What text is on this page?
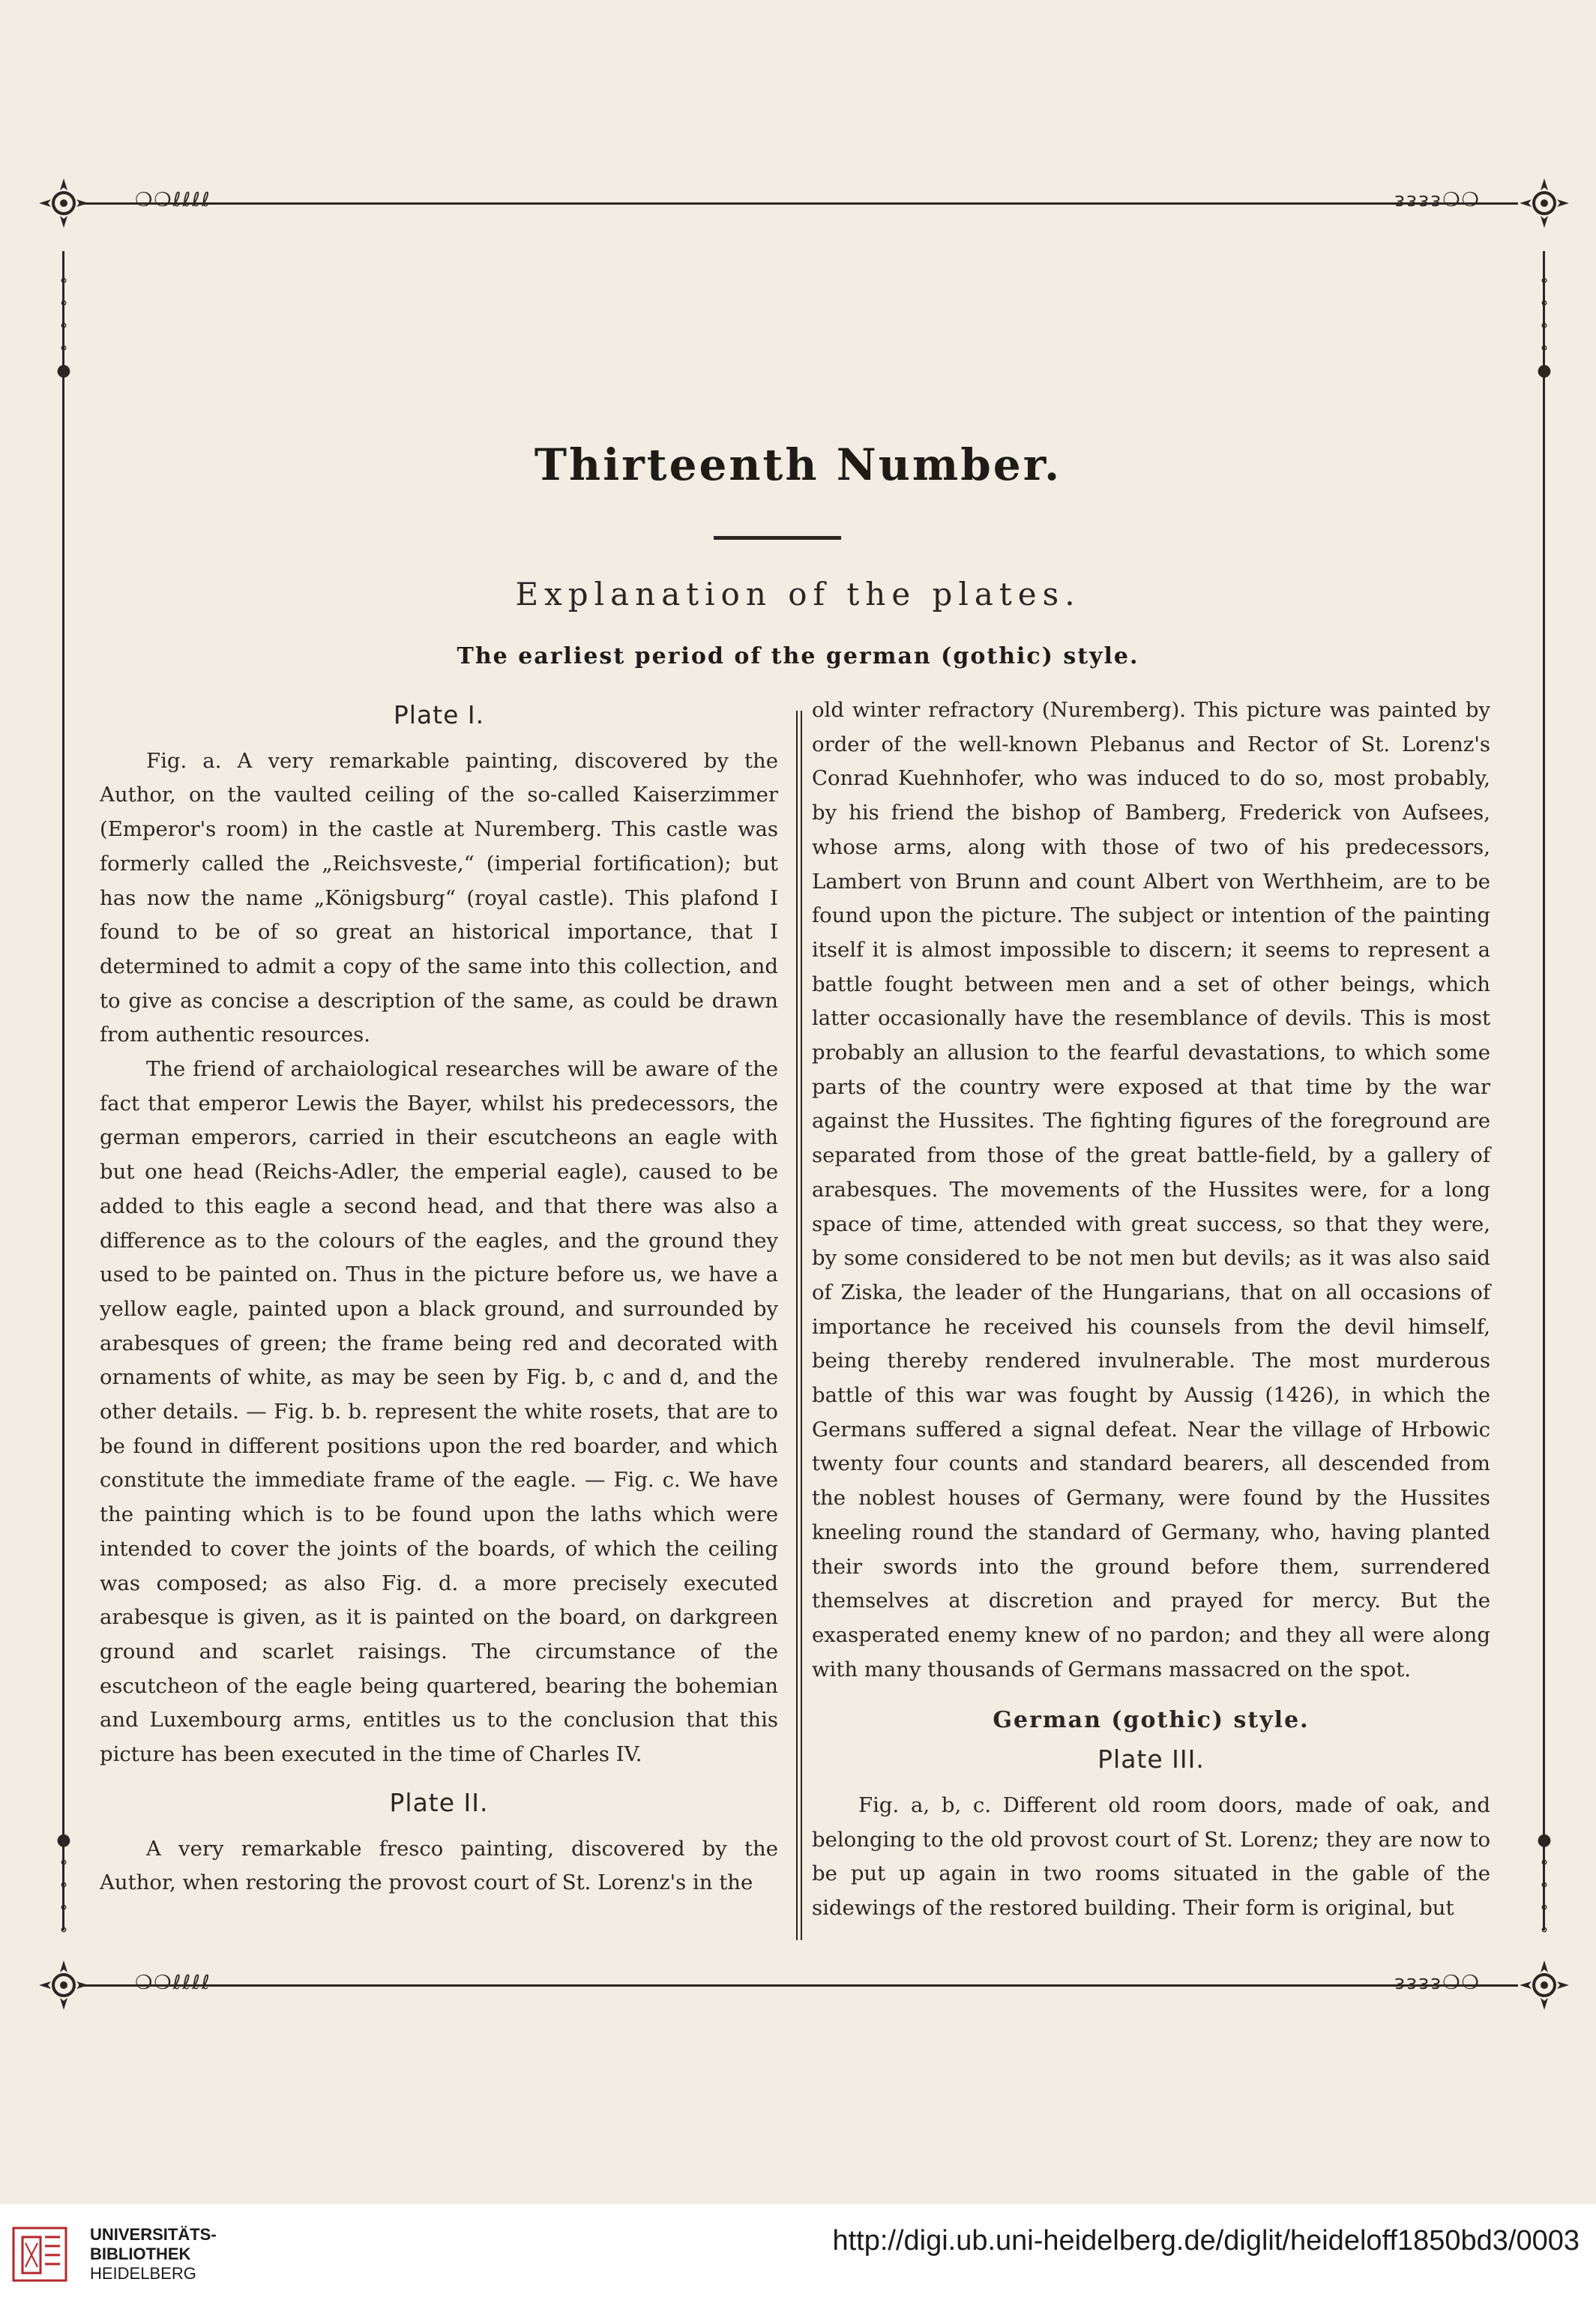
❍❍ℓℓℓℓ	ᴈᴈᴈᴈ❍❍
❍❍ℓℓℓℓ	ᴈᴈᴈᴈ❍❍
∘
∘
∘
∘
●
∘
∘
∘
∘
●
●
∘
∘
∘
∘
●
∘
∘
∘
∘
Thirteenth Number.
Explanation of the plates.
The earliest period of the german (gothic) style.
Plate I.

Fig. a. A very remarkable painting, discovered by the Author, on the vaulted ceiling of the so-called Kaiserzimmer (Emperor's room) in the castle at Nuremberg. This castle was formerly called the „Reichsveste,“ (imperial fortification); but has now the name „Königsburg“ (royal castle). This plafond I found to be of so great an historical importance, that I determined to admit a copy of the same into this collection, and to give as concise a description of the same, as could be drawn from authentic resources.

The friend of archaiological researches will be aware of the fact that emperor Lewis the Bayer, whilst his predecessors, the german emperors, carried in their escutcheons an eagle with but one head (Reichs-Adler, the emperial eagle), caused to be added to this eagle a second head, and that there was also a difference as to the colours of the eagles, and the ground they used to be painted on. Thus in the picture before us, we have a yellow eagle, painted upon a black ground, and surrounded by arabesques of green; the frame being red and decorated with ornaments of white, as may be seen by Fig. b, c and d, and the other details. — Fig. b. b. represent the white rosets, that are to be found in different positions upon the red boarder, and which constitute the immediate frame of the eagle. — Fig. c. We have the painting which is to be found upon the laths which were intended to cover the joints of the boards, of which the ceiling was composed; as also Fig. d. a more precisely executed arabesque is given, as it is painted on the board, on darkgreen ground and scarlet raisings. The circumstance of the escutcheon of the eagle being quartered, bearing the bohemian and Luxembourg arms, entitles us to the conclusion that this picture has been executed in the time of Charles IV.

Plate II.

A very remarkable fresco painting, discovered by the Author, when restoring the provost court of St. Lorenz's in the

old winter refractory (Nuremberg). This picture was painted by order of the well-known Plebanus and Rector of St. Lorenz's Conrad Kuehnhofer, who was induced to do so, most probably, by his friend the bishop of Bamberg, Frederick von Aufsees, whose arms, along with those of two of his predecessors, Lambert von Brunn and count Albert von Werthheim, are to be found upon the picture. The subject or intention of the painting itself it is almost impossible to discern; it seems to represent a battle fought between men and a set of other beings, which latter occasionally have the resemblance of devils. This is most probably an allusion to the fearful devastations, to which some parts of the country were exposed at that time by the war against the Hussites. The fighting figures of the foreground are separated from those of the great battle-field, by a gallery of arabesques. The movements of the Hussites were, for a long space of time, attended with great success, so that they were, by some considered to be not men but devils; as it was also said of Ziska, the leader of the Hungarians, that on all occasions of importance he received his counsels from the devil himself, being thereby rendered invulnerable. The most murderous battle of this war was fought by Aussig (1426), in which the Germans suffered a signal defeat. Near the village of Hrbowic twenty four counts and standard bearers, all descended from the noblest houses of Germany, were found by the Hussites kneeling round the standard of Germany, who, having planted their swords into the ground before them, surrendered themselves at discretion and prayed for mercy. But the exasperated enemy knew of no pardon; and they all were along with many thousands of Germans massacred on the spot.

German (gothic) style.
Plate III.

Fig. a, b, c. Different old room doors, made of oak, and belonging to the old provost court of St. Lorenz; they are now to be put up again in two rooms situated in the gable of the sidewings of the restored building. Their form is original, but

UNIVERSITÄTS-
BIBLIOTHEK
HEIDELBERG
http://digi.ub.uni-heidelberg.de/diglit/heideloff1850bd3/0003
